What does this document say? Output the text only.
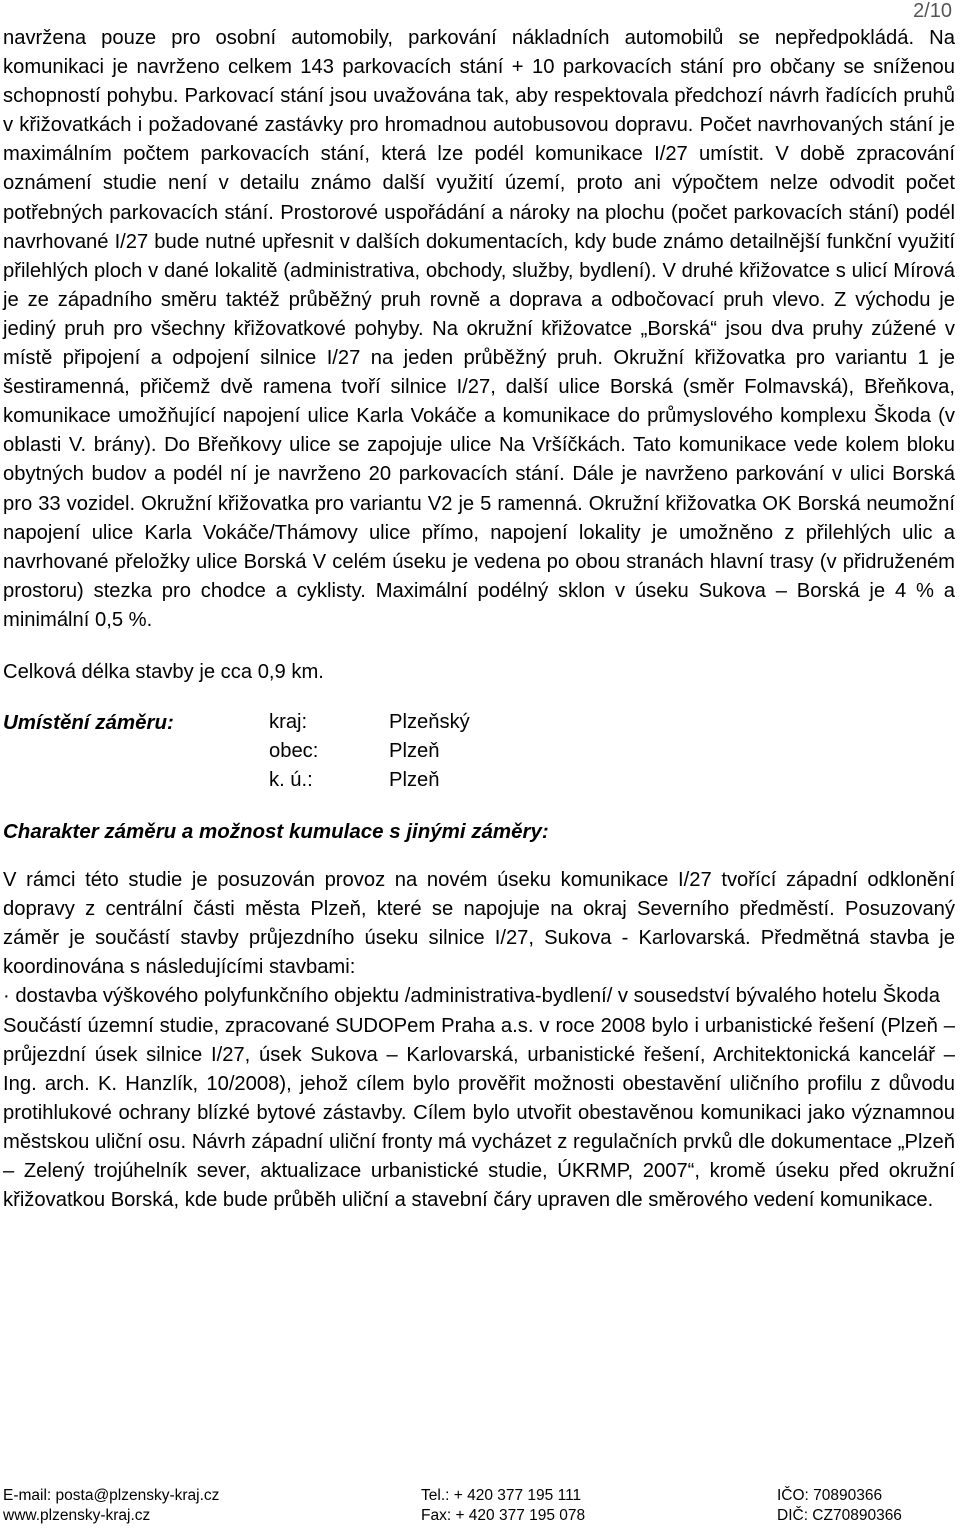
2/10

navržena pouze pro osobní automobily, parkování nákladních automobilů se nepředpokládá. Na komunikaci je navrženo celkem 143 parkovacích stání + 10 parkovacích stání pro občany se sníženou schopností pohybu. Parkovací stání jsou uvažována tak, aby respektovala předchozí návrh řadících pruhů v křižovatkách i požadované zastávky pro hromadnou autobusovou dopravu. Počet navrhovaných stání je maximálním počtem parkovacích stání, která lze podél komunikace I/27 umístit. V době zpracování oznámení studie není v detailu známo další využití území, proto ani výpočtem nelze odvodit počet potřebných parkovacích stání. Prostorové uspořádání a nároky na plochu (počet parkovacích stání) podél navrhované I/27 bude nutné upřesnit v dalších dokumentacích, kdy bude známo detailnější funkční využití přilehlých ploch v dané lokalitě (administrativa, obchody, služby, bydlení). V druhé křižovatce s ulicí Mírová je ze západního směru taktéž průběžný pruh rovně a doprava a odbočovací pruh vlevo. Z východu je jediný pruh pro všechny křižovatkové pohyby. Na okružní křižovatce „Borská“ jsou dva pruhy zúžené v místě připojení a odpojení silnice I/27 na jeden průběžný pruh. Okružní křižovatka pro variantu 1 je šestiramenná, přičemž dvě ramena tvoří silnice I/27, další ulice Borská (směr Folmavská), Břeňkova, komunikace umožňující napojení ulice Karla Vokáče a komunikace do průmyslového komplexu Škoda (v oblasti V. brány). Do Břeňkovy ulice se zapojuje ulice Na Vršíčkách. Tato komunikace vede kolem bloku obytných budov a podél ní je navrženo 20 parkovacích stání. Dále je navrženo parkování v ulici Borská pro 33 vozidel. Okružní křižovatka pro variantu V2 je 5 ramenná. Okružní křižovatka OK Borská neumožní napojení ulice Karla Vokáče/Thámovy ulice přímo, napojení lokality je umožněno z přilehlých ulic a navrhované přeložky ulice Borská V celém úseku je vedena po obou stranách hlavní trasy (v přidruženém prostoru) stezka pro chodce a cyklisty. Maximální podélný sklon v úseku Sukova – Borská je 4 % a minimální 0,5 %.

Celková délka stavby je cca 0,9 km.

Umístění záměru:	kraj:	Plzeňský
obec:	Plzeň
k. ú.:	Plzeň
Charakter záměru a možnost kumulace s jinými záměry:

V rámci této studie je posuzován provoz na novém úseku komunikace I/27 tvořící západní odklonění dopravy z centrální části města Plzeň, které se napojuje na okraj Severního předměstí. Posuzovaný záměr je součástí stavby průjezdního úseku silnice I/27, Sukova - Karlovarská. Předmětná stavba je koordinována s následujícími stavbami:

· dostavba výškového polyfunkčního objektu /administrativa-bydlení/ v sousedství bývalého hotelu Škoda

Součástí územní studie, zpracované SUDOPem Praha a.s. v roce 2008 bylo i urbanistické řešení (Plzeň – průjezdní úsek silnice I/27, úsek Sukova – Karlovarská, urbanistické řešení, Architektonická kancelář – Ing. arch. K. Hanzlík, 10/2008), jehož cílem bylo prověřit možnosti obestavění uličního profilu z důvodu protihlukové ochrany blízké bytové zástavby. Cílem bylo utvořit obestavěnou komunikaci jako významnou městskou uliční osu. Návrh západní uliční fronty má vycházet z regulačních prvků dle dokumentace „Plzeň – Zelený trojúhelník sever, aktualizace urbanistické studie, ÚKRMP, 2007“, kromě úseku před okružní křižovatkou Borská, kde bude průběh uliční a stavební čáry upraven dle směrového vedení komunikace.

E-mail: posta@plzensky-kraj.cz
www.plzensky-kraj.cz
Tel.: + 420 377 195 111
Fax: + 420 377 195 078
IČO: 70890366
DIČ: CZ70890366
